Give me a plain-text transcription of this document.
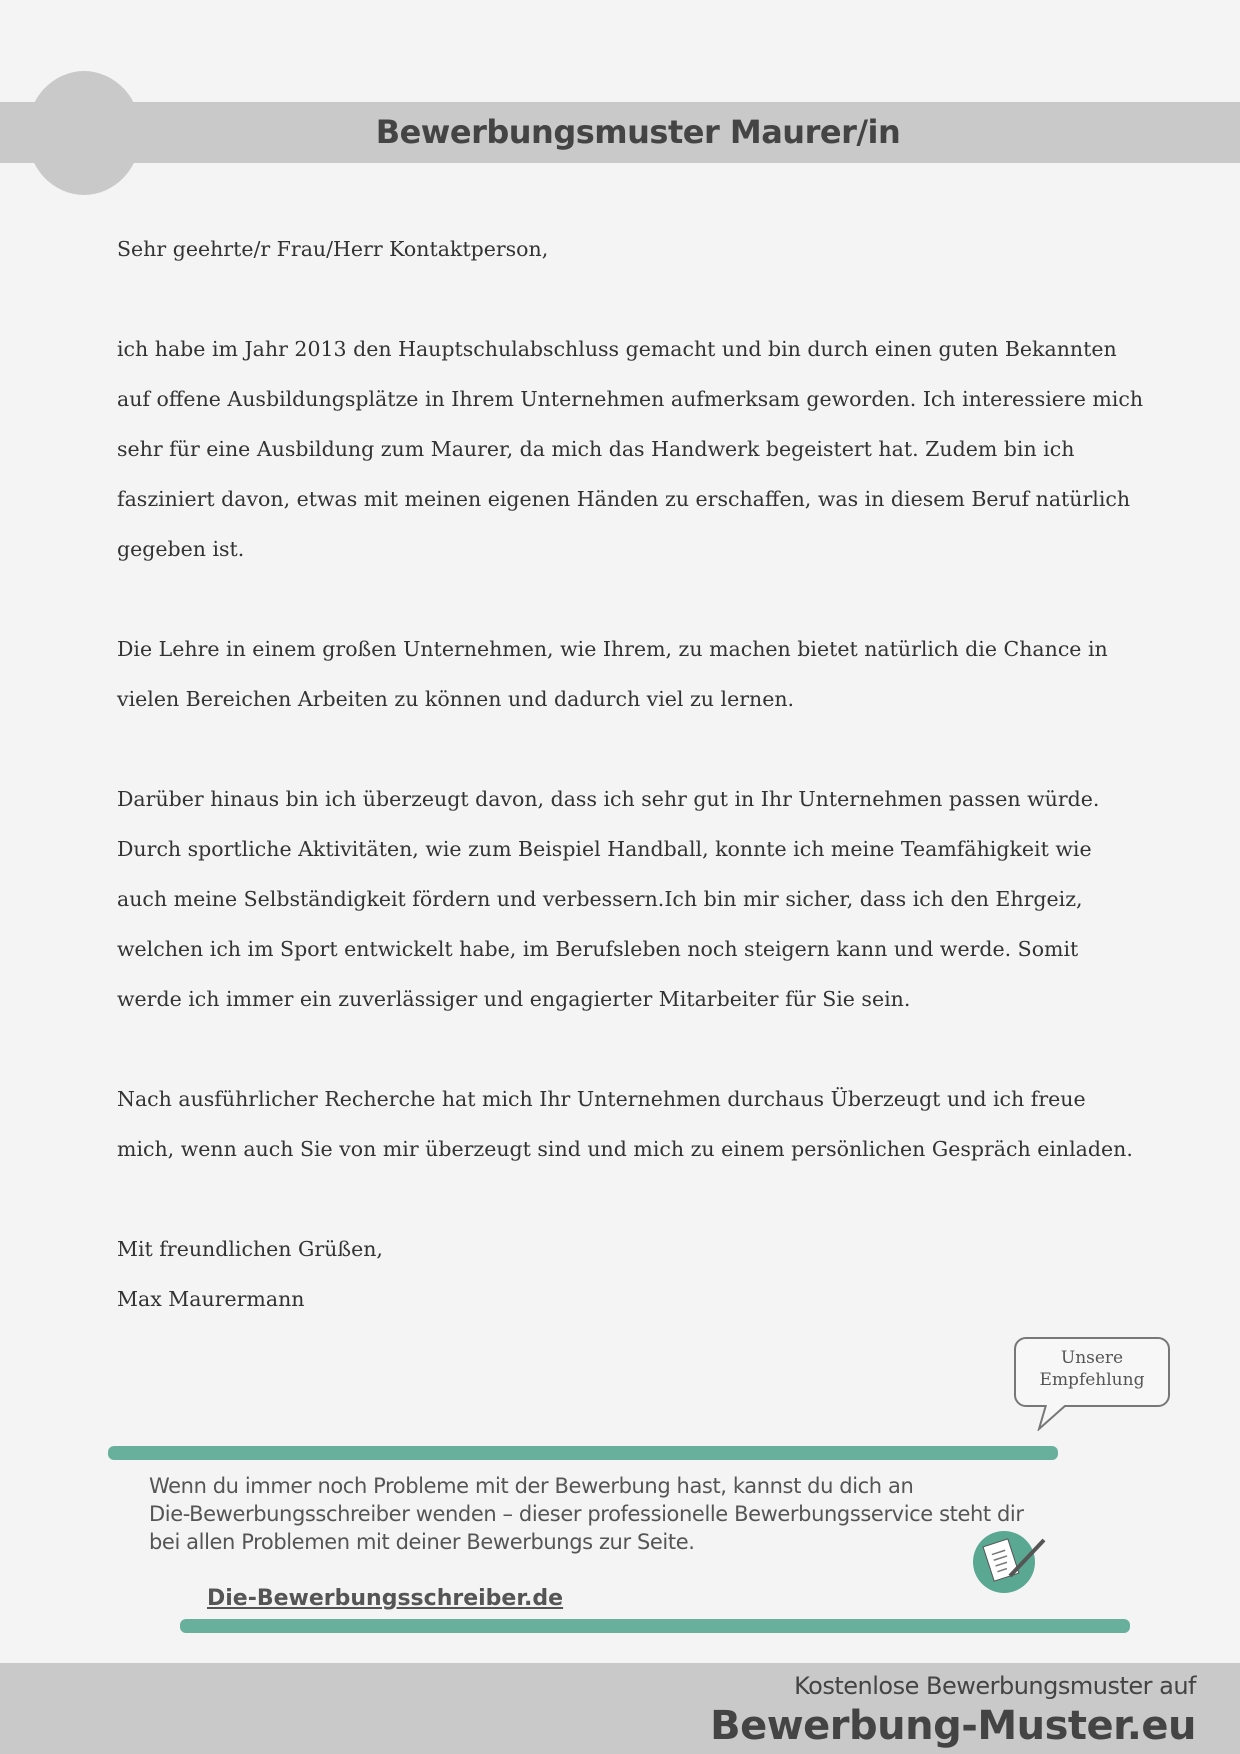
Bewerbungsmuster Maurer/in

Sehr geehrte/r Frau/Herr Kontaktperson,

ich habe im Jahr 2013 den Hauptschulabschluss gemacht und bin durch einen guten Bekannten auf offene Ausbildungsplätze in Ihrem Unternehmen aufmerksam geworden. Ich interessiere mich sehr für eine Ausbildung zum Maurer, da mich das Handwerk begeistert hat. Zudem bin ich fasziniert davon, etwas mit meinen eigenen Händen zu erschaffen, was in diesem Beruf natürlich gegeben ist.

Die Lehre in einem großen Unternehmen, wie Ihrem, zu machen bietet natürlich die Chance in vielen Bereichen Arbeiten zu können und dadurch viel zu lernen.

Darüber hinaus bin ich überzeugt davon, dass ich sehr gut in Ihr Unternehmen passen würde. Durch sportliche Aktivitäten, wie zum Beispiel Handball, konnte ich meine Teamfähigkeit wie auch meine Selbständigkeit fördern und verbessern.Ich bin mir sicher, dass ich den Ehrgeiz, welchen ich im Sport entwickelt habe, im Berufsleben noch steigern kann und werde. Somit werde ich immer ein zuverlässiger und engagierter Mitarbeiter für Sie sein.

Nach ausführlicher Recherche hat mich Ihr Unternehmen durchaus Überzeugt und ich freue mich, wenn auch Sie von mir überzeugt sind und mich zu einem persönlichen Gespräch einladen.

Mit freundlichen Grüßen,

Max Maurermann

Unsere
Empfehlung
Wenn du immer noch Probleme mit der Bewerbung hast, kannst du dich an
Die-Bewerbungsschreiber wenden – dieser professionelle Bewerbungsservice steht dir
bei allen Problemen mit deiner Bewerbungs zur Seite.
Die-Bewerbungsschreiber.de
Kostenlose Bewerbungsmuster auf
Bewerbung-Muster.eu
